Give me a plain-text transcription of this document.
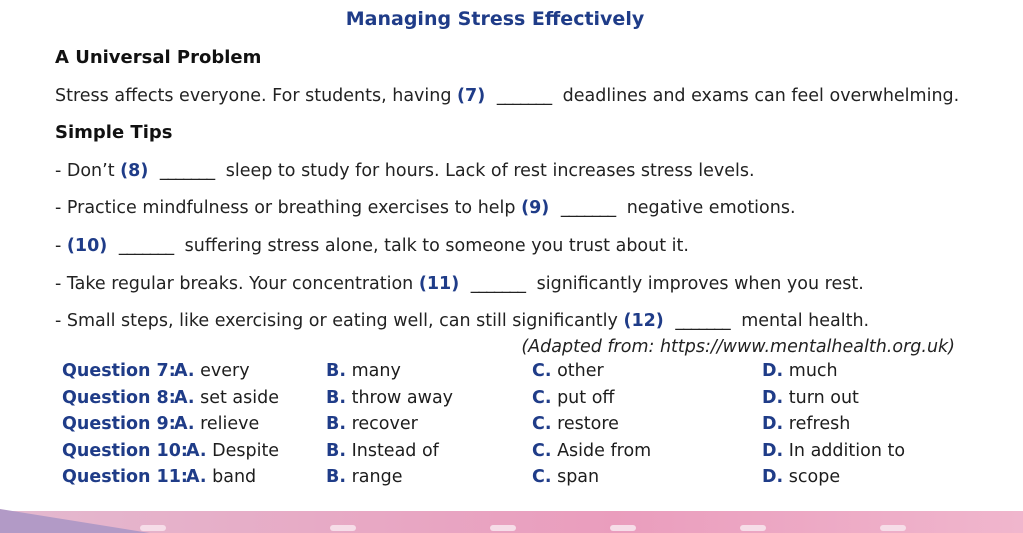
Managing Stress Effectively
A Universal Problem
Stress affects everyone. For students, having (7) _______ deadlines and exams can feel overwhelming.
Simple Tips
- Don’t (8) _______ sleep to study for hours. Lack of rest increases stress levels.
- Practice mindfulness or breathing exercises to help (9) _______ negative emotions.
- (10) _______ suffering stress alone, talk to someone you trust about it.
- Take regular breaks. Your concentration (11) _______ significantly improves when you rest.
- Small steps, like exercising or eating well, can still significantly (12) _______ mental health.
(Adapted from: https://www.mentalhealth.org.uk)
Question 7:
A. every	B. many	C. other	D. much
Question 8:
A. set aside	B. throw away	C. put off	D. turn out
Question 9:
A. relieve	B. recover	C. restore	D. refresh
Question 10:
A. Despite	B. Instead of	C. Aside from	D. In addition to
Question 11:
A. band	B. range	C. span	D. scope
